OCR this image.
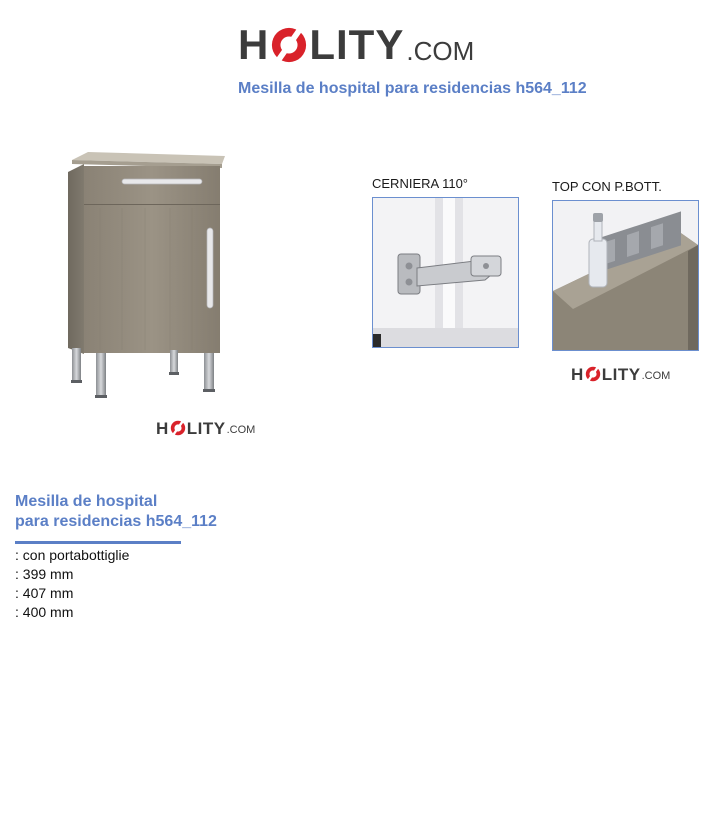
H LITY .COM
Mesilla de hospital para residencias h564_112
H LITY .COM
CERNIERA 110°	TOP CON P.BOTT.
H LITY .COM
Mesilla de hospital
para residencias h564_112
: con portabottiglie
: 399 mm
: 407 mm
: 400 mm
